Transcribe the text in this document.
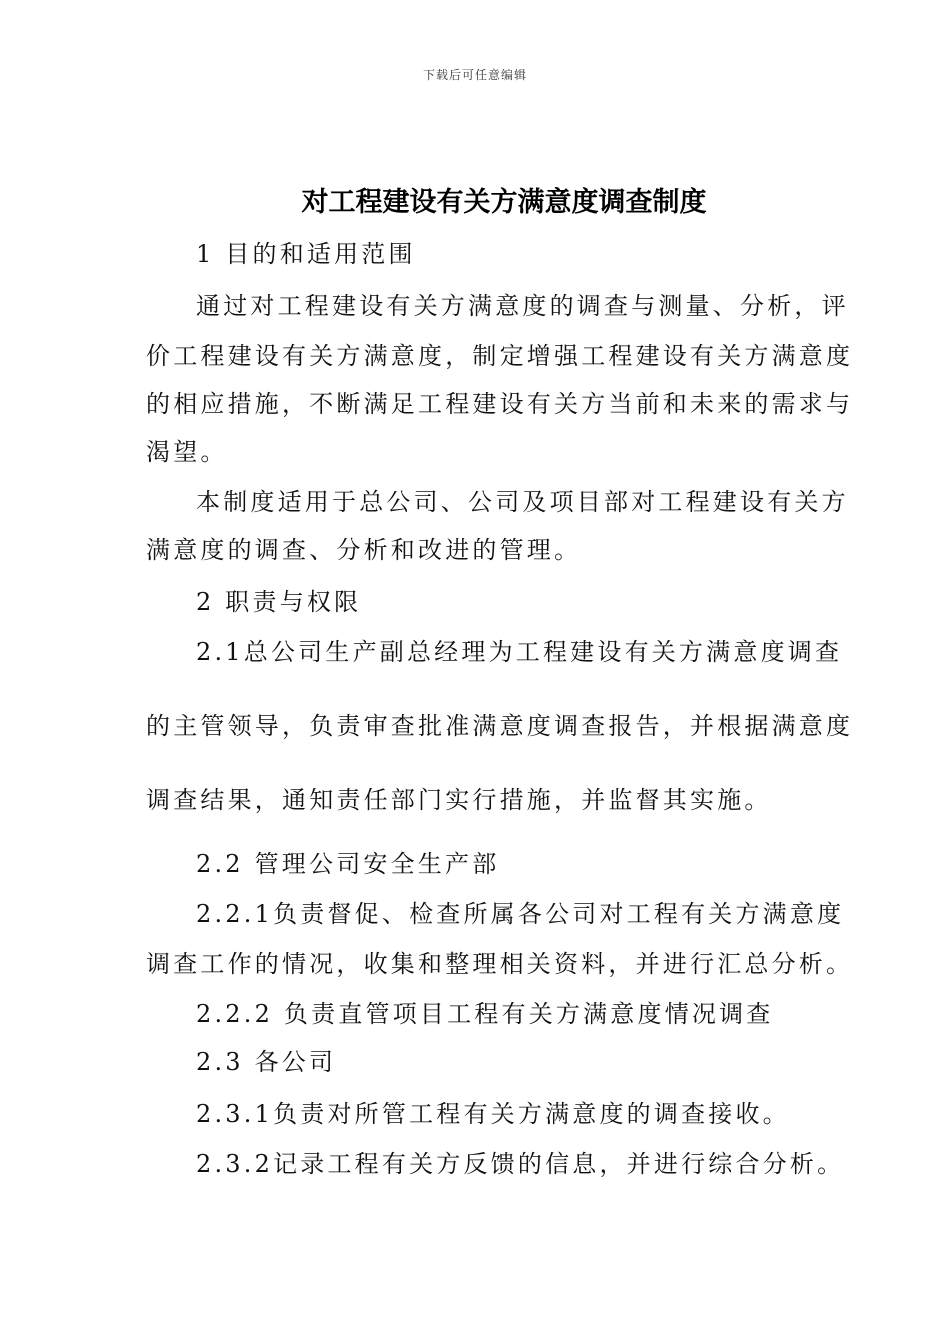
下载后可任意编辑
对工程建设有关方满意度调查制度
1 目的和适用范围
通过对工程建设有关方满意度的调查与测量、分析，评
价工程建设有关方满意度，制定增强工程建设有关方满意度
的相应措施，不断满足工程建设有关方当前和未来的需求与
渴望。
本制度适用于总公司、公司及项目部对工程建设有关方
满意度的调查、分析和改进的管理。
2 职责与权限
2.1总公司生产副总经理为工程建设有关方满意度调查
的主管领导，负责审查批准满意度调查报告，并根据满意度
调查结果，通知责任部门实行措施，并监督其实施。
2.2 管理公司安全生产部
2.2.1负责督促、检查所属各公司对工程有关方满意度
调查工作的情况，收集和整理相关资料，并进行汇总分析。
2.2.2 负责直管项目工程有关方满意度情况调查
2.3 各公司
2.3.1负责对所管工程有关方满意度的调查接收。
2.3.2记录工程有关方反馈的信息，并进行综合分析。
